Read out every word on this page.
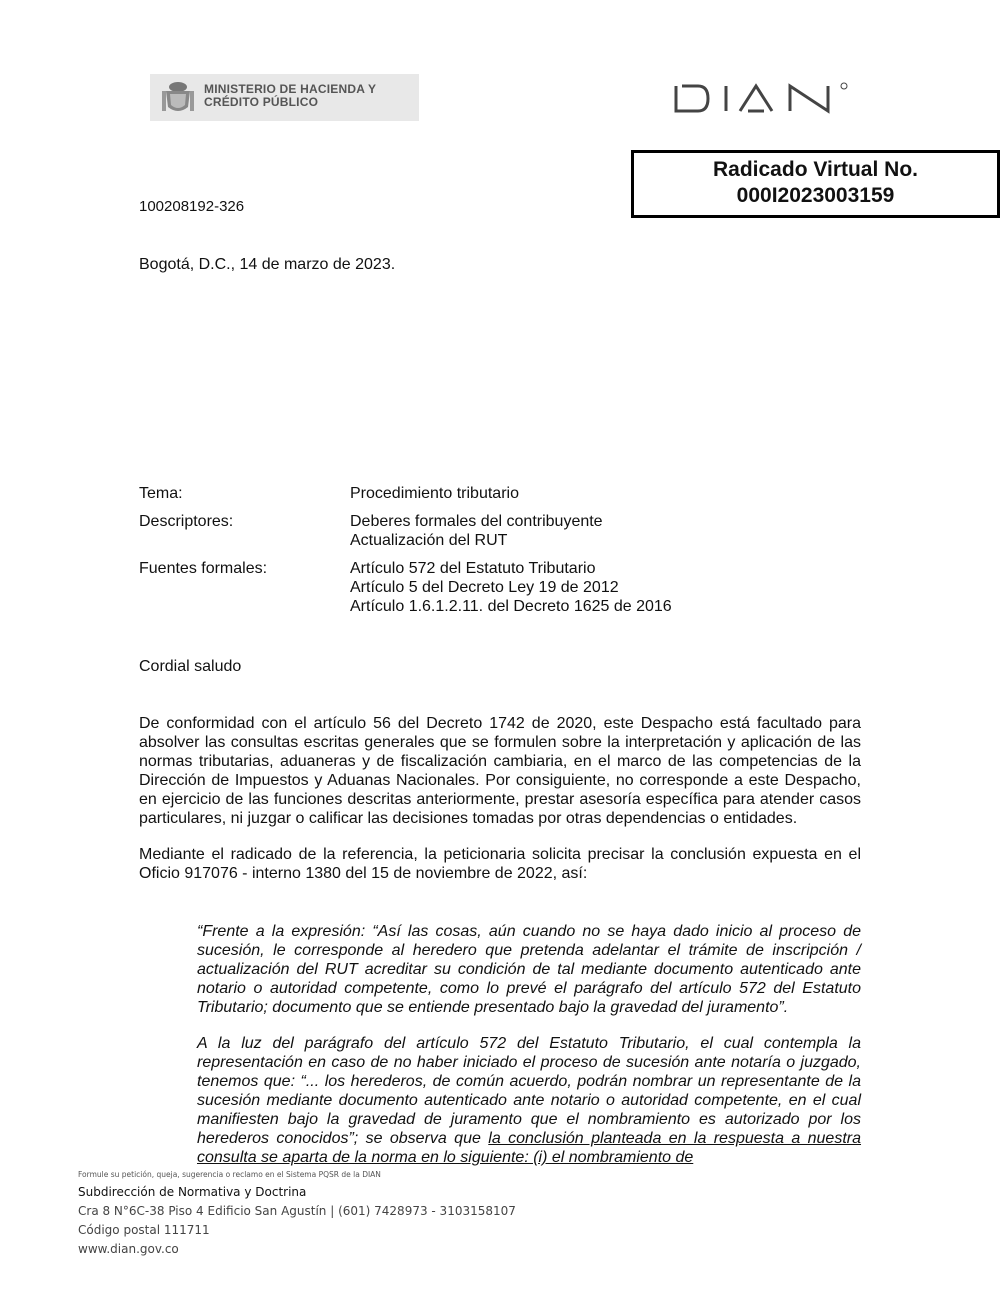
MINISTERIO DE HACIENDA Y
CRÉDITO PÚBLICO
Radicado Virtual No.
000I2023003159
100208192-326
Bogotá, D.C., 14 de marzo de 2023.
Tema:	Procedimiento tributario
Descriptores:	Deberes formales del contribuyente
Actualización del RUT
Fuentes formales:	Artículo 572 del Estatuto Tributario
Artículo 5 del Decreto Ley 19 de 2012
Artículo 1.6.1.2.11. del Decreto 1625 de 2016
Cordial saludo

De conformidad con el artículo 56 del Decreto 1742 de 2020, este Despacho está facultado para absolver las consultas escritas generales que se formulen sobre la interpretación y aplicación de las normas tributarias, aduaneras y de fiscalización cambiaria, en el marco de las competencias de la Dirección de Impuestos y Aduanas Nacionales. Por consiguiente, no corresponde a este Despacho, en ejercicio de las funciones descritas anteriormente, prestar asesoría específica para atender casos particulares, ni juzgar o calificar las decisiones tomadas por otras dependencias o entidades.

Mediante el radicado de la referencia, la peticionaria solicita precisar la conclusión expuesta en el Oficio 917076 - interno 1380 del 15 de noviembre de 2022, así:

“Frente a la expresión: “Así las cosas, aún cuando no se haya dado inicio al proceso de sucesión, le corresponde al heredero que pretenda adelantar el trámite de inscripción / actualización del RUT acreditar su condición de tal mediante documento autenticado ante notario o autoridad competente, como lo prevé el parágrafo del artículo 572 del Estatuto Tributario; documento que se entiende presentado bajo la gravedad del juramento”.

A la luz del parágrafo del artículo 572 del Estatuto Tributario, el cual contempla la representación en caso de no haber iniciado el proceso de sucesión ante notaría o juzgado, tenemos que: “... los herederos, de común acuerdo, podrán nombrar un representante de la sucesión mediante documento autenticado ante notario o autoridad competente, en el cual manifiesten bajo la gravedad de juramento que el nombramiento es autorizado por los herederos conocidos”; se observa que la conclusión planteada en la respuesta a nuestra consulta se aparta de la norma en lo siguiente: (i) el nombramiento de

Formule su petición, queja, sugerencia o reclamo en el Sistema PQSR de la DIAN
Subdirección de Normativa y Doctrina
Cra 8 N°6C-38 Piso 4 Edificio San Agustín | (601) 7428973 - 3103158107
Código postal 111711
www.dian.gov.co
